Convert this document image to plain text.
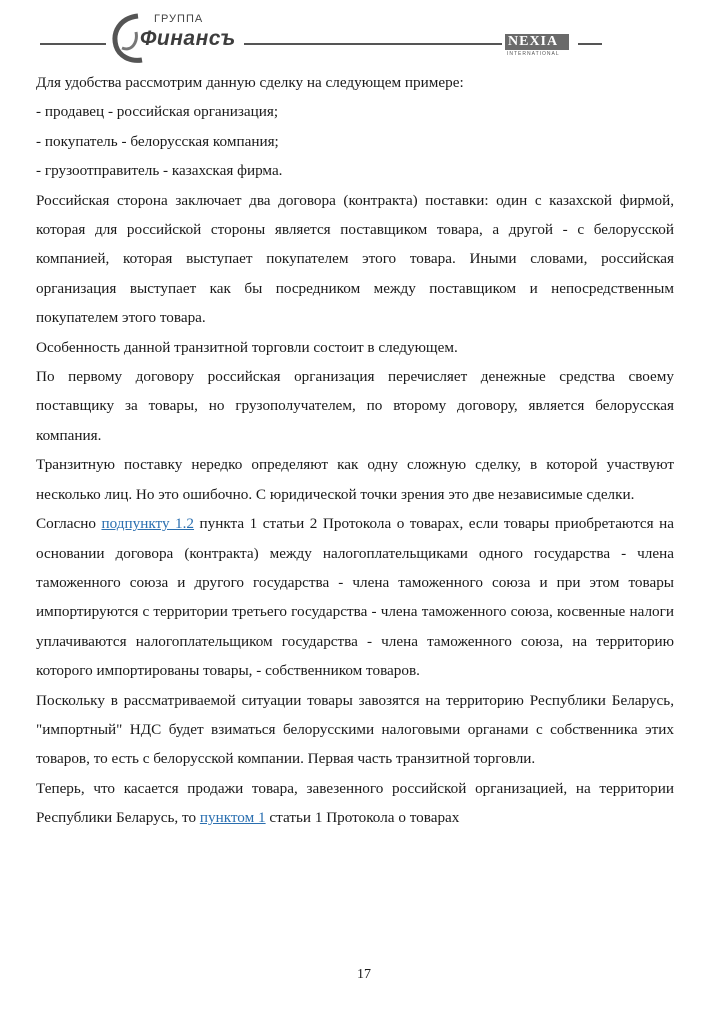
ГРУППА
Финансъ	NEXIA
INTERNATIONAL

Для удобства рассмотрим данную сделку на следующем примере:

- продавец - российская организация;

- покупатель - белорусская компания;

- грузоотправитель - казахская фирма.

Российская сторона заключает два договора (контракта) поставки: один с казахской фирмой, которая для российской стороны является поставщиком товара, а другой - с белорусской компанией, которая выступает покупателем этого товара. Иными словами, российская организация выступает как бы посредником между поставщиком и непосредственным покупателем этого товара.

Особенность данной транзитной торговли состоит в следующем.

По первому договору российская организация перечисляет денежные средства своему поставщику за товары, но грузополучателем, по второму договору, является белорусская компания.

Транзитную поставку нередко определяют как одну сложную сделку, в которой участвуют несколько лиц. Но это ошибочно. С юридической точки зрения это две независимые сделки.

Согласно подпункту 1.2 пункта 1 статьи 2 Протокола о товарах, если товары приобретаются на основании договора (контракта) между налогоплательщиками одного государства - члена таможенного союза и другого государства - члена таможенного союза и при этом товары импортируются с территории третьего государства - члена таможенного союза, косвенные налоги уплачиваются налогоплательщиком государства - члена таможенного союза, на территорию которого импортированы товары, - собственником товаров.

Поскольку в рассматриваемой ситуации товары завозятся на территорию Республики Беларусь, "импортный" НДС будет взиматься белорусскими налоговыми органами с собственника этих товаров, то есть с белорусской компании. Первая часть транзитной торговли.

Теперь, что касается продажи товара, завезенного российской организацией, на территории Республики Беларусь, то пунктом 1 статьи 1 Протокола о товарах

17
